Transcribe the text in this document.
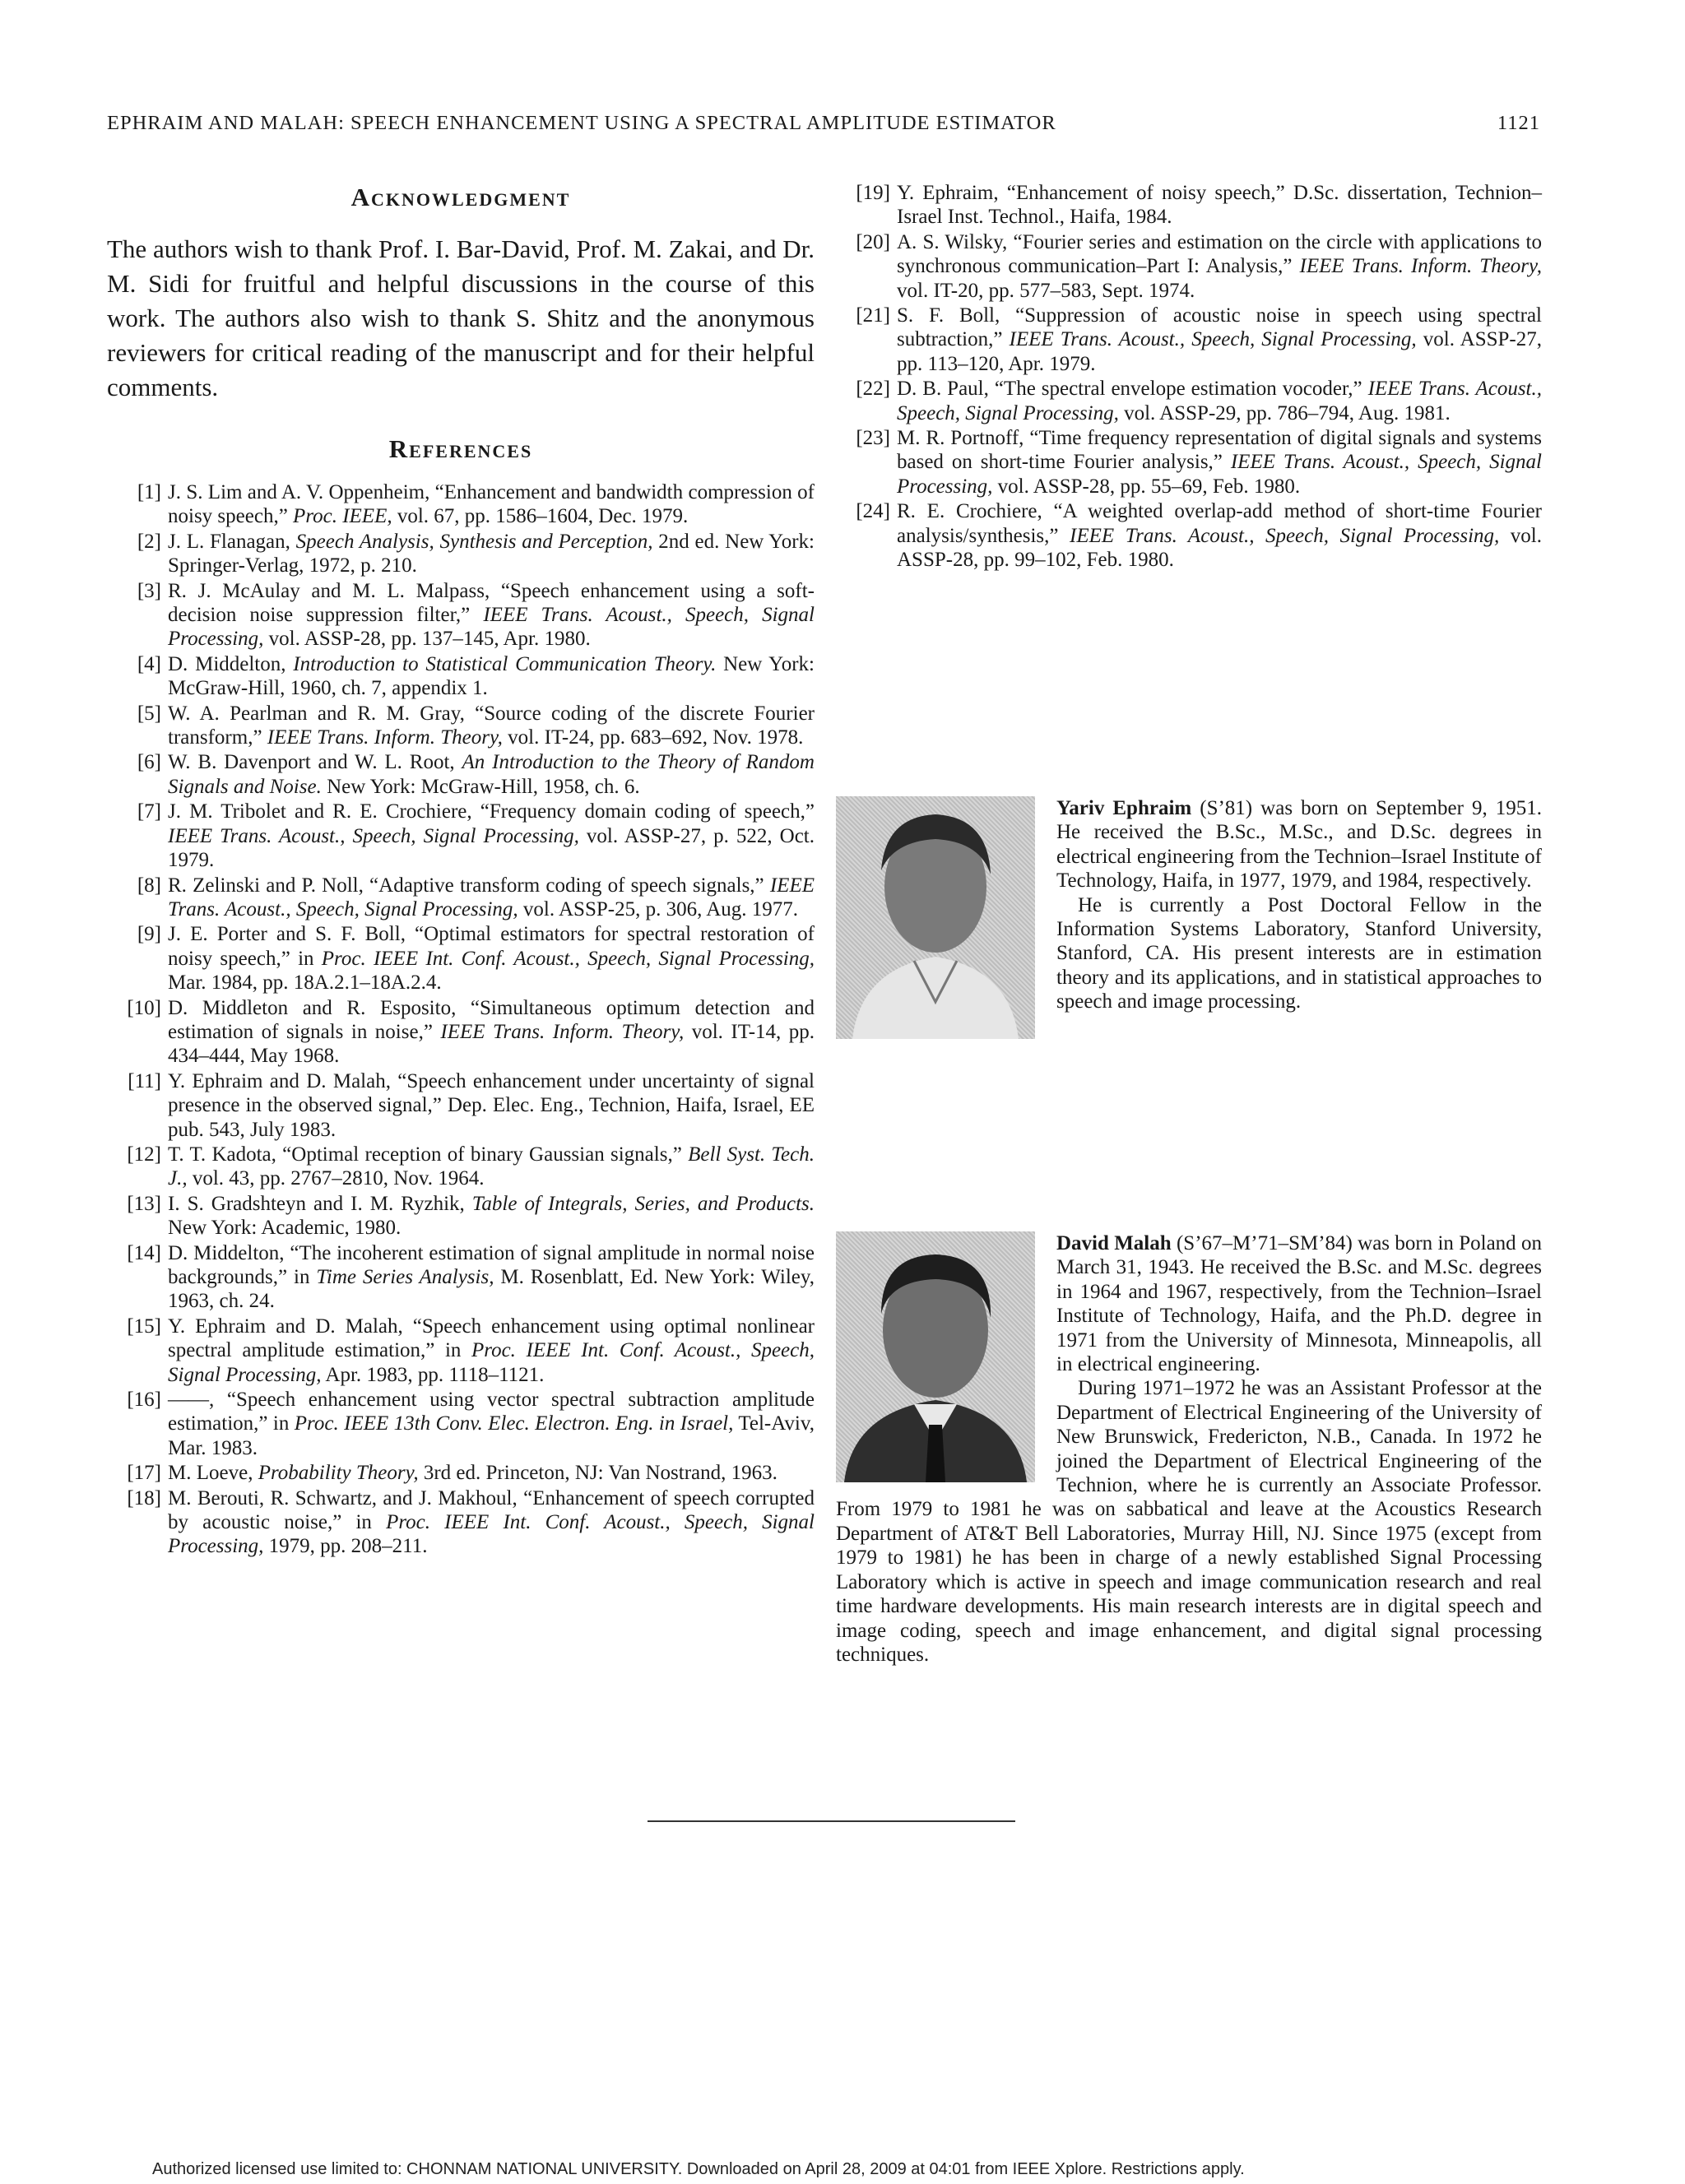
EPHRAIM AND MALAH: SPEECH ENHANCEMENT USING A SPECTRAL AMPLITUDE ESTIMATOR	1121
Acknowledgment

The authors wish to thank Prof. I. Bar-David, Prof. M. Zakai, and Dr. M. Sidi for fruitful and helpful discussions in the course of this work. The authors also wish to thank S. Shitz and the anonymous reviewers for critical reading of the manuscript and for their helpful comments.

References
[1] J. S. Lim and A. V. Oppenheim, “Enhancement and bandwidth compression of noisy speech,” Proc. IEEE, vol. 67, pp. 1586–1604, Dec. 1979.
[2] J. L. Flanagan, Speech Analysis, Synthesis and Perception, 2nd ed. New York: Springer-Verlag, 1972, p. 210.
[3] R. J. McAulay and M. L. Malpass, “Speech enhancement using a soft-decision noise suppression filter,” IEEE Trans. Acoust., Speech, Signal Processing, vol. ASSP-28, pp. 137–145, Apr. 1980.
[4] D. Middelton, Introduction to Statistical Communication Theory. New York: McGraw-Hill, 1960, ch. 7, appendix 1.
[5] W. A. Pearlman and R. M. Gray, “Source coding of the discrete Fourier transform,” IEEE Trans. Inform. Theory, vol. IT-24, pp. 683–692, Nov. 1978.
[6] W. B. Davenport and W. L. Root, An Introduction to the Theory of Random Signals and Noise. New York: McGraw-Hill, 1958, ch. 6.
[7] J. M. Tribolet and R. E. Crochiere, “Frequency domain coding of speech,” IEEE Trans. Acoust., Speech, Signal Processing, vol. ASSP-27, p. 522, Oct. 1979.
[8] R. Zelinski and P. Noll, “Adaptive transform coding of speech signals,” IEEE Trans. Acoust., Speech, Signal Processing, vol. ASSP-25, p. 306, Aug. 1977.
[9] J. E. Porter and S. F. Boll, “Optimal estimators for spectral restoration of noisy speech,” in Proc. IEEE Int. Conf. Acoust., Speech, Signal Processing, Mar. 1984, pp. 18A.2.1–18A.2.4.
[10] D. Middleton and R. Esposito, “Simultaneous optimum detection and estimation of signals in noise,” IEEE Trans. Inform. Theory, vol. IT-14, pp. 434–444, May 1968.
[11] Y. Ephraim and D. Malah, “Speech enhancement under uncertainty of signal presence in the observed signal,” Dep. Elec. Eng., Technion, Haifa, Israel, EE pub. 543, July 1983.
[12] T. T. Kadota, “Optimal reception of binary Gaussian signals,” Bell Syst. Tech. J., vol. 43, pp. 2767–2810, Nov. 1964.
[13] I. S. Gradshteyn and I. M. Ryzhik, Table of Integrals, Series, and Products. New York: Academic, 1980.
[14] D. Middelton, “The incoherent estimation of signal amplitude in normal noise backgrounds,” in Time Series Analysis, M. Rosenblatt, Ed. New York: Wiley, 1963, ch. 24.
[15] Y. Ephraim and D. Malah, “Speech enhancement using optimal nonlinear spectral amplitude estimation,” in Proc. IEEE Int. Conf. Acoust., Speech, Signal Processing, Apr. 1983, pp. 1118–1121.
[16] ——, “Speech enhancement using vector spectral subtraction amplitude estimation,” in Proc. IEEE 13th Conv. Elec. Electron. Eng. in Israel, Tel-Aviv, Mar. 1983.
[17] M. Loeve, Probability Theory, 3rd ed. Princeton, NJ: Van Nostrand, 1963.
[18] M. Berouti, R. Schwartz, and J. Makhoul, “Enhancement of speech corrupted by acoustic noise,” in Proc. IEEE Int. Conf. Acoust., Speech, Signal Processing, 1979, pp. 208–211.
[19] Y. Ephraim, “Enhancement of noisy speech,” D.Sc. dissertation, Technion–Israel Inst. Technol., Haifa, 1984.
[20] A. S. Wilsky, “Fourier series and estimation on the circle with applications to synchronous communication–Part I: Analysis,” IEEE Trans. Inform. Theory, vol. IT-20, pp. 577–583, Sept. 1974.
[21] S. F. Boll, “Suppression of acoustic noise in speech using spectral subtraction,” IEEE Trans. Acoust., Speech, Signal Processing, vol. ASSP-27, pp. 113–120, Apr. 1979.
[22] D. B. Paul, “The spectral envelope estimation vocoder,” IEEE Trans. Acoust., Speech, Signal Processing, vol. ASSP-29, pp. 786–794, Aug. 1981.
[23] M. R. Portnoff, “Time frequency representation of digital signals and systems based on short-time Fourier analysis,” IEEE Trans. Acoust., Speech, Signal Processing, vol. ASSP-28, pp. 55–69, Feb. 1980.
[24] R. E. Crochiere, “A weighted overlap-add method of short-time Fourier analysis/synthesis,” IEEE Trans. Acoust., Speech, Signal Processing, vol. ASSP-28, pp. 99–102, Feb. 1980.

Yariv Ephraim (S’81) was born on September 9, 1951. He received the B.Sc., M.Sc., and D.Sc. degrees in electrical engineering from the Technion–Israel Institute of Technology, Haifa, in 1977, 1979, and 1984, respectively.

He is currently a Post Doctoral Fellow in the Information Systems Laboratory, Stanford University, Stanford, CA. His present interests are in estimation theory and its applications, and in statistical approaches to speech and image processing.

David Malah (S’67–M’71–SM’84) was born in Poland on March 31, 1943. He received the B.Sc. and M.Sc. degrees in 1964 and 1967, respectively, from the Technion–Israel Institute of Technology, Haifa, and the Ph.D. degree in 1971 from the University of Minnesota, Minneapolis, all in electrical engineering.

During 1971–1972 he was an Assistant Professor at the Department of Electrical Engineering of the University of New Brunswick, Fredericton, N.B., Canada. In 1972 he joined the Department of Electrical Engineering of the Technion, where he is currently an Associate Professor. From 1979 to 1981 he was on sabbatical and leave at the Acoustics Research Department of AT&T Bell Laboratories, Murray Hill, NJ. Since 1975 (except from 1979 to 1981) he has been in charge of a newly established Signal Processing Laboratory which is active in speech and image communication research and real time hardware developments. His main research interests are in digital speech and image coding, speech and image enhancement, and digital signal processing techniques.

Authorized licensed use limited to: CHONNAM NATIONAL UNIVERSITY. Downloaded on April 28, 2009 at 04:01 from IEEE Xplore. Restrictions apply.
